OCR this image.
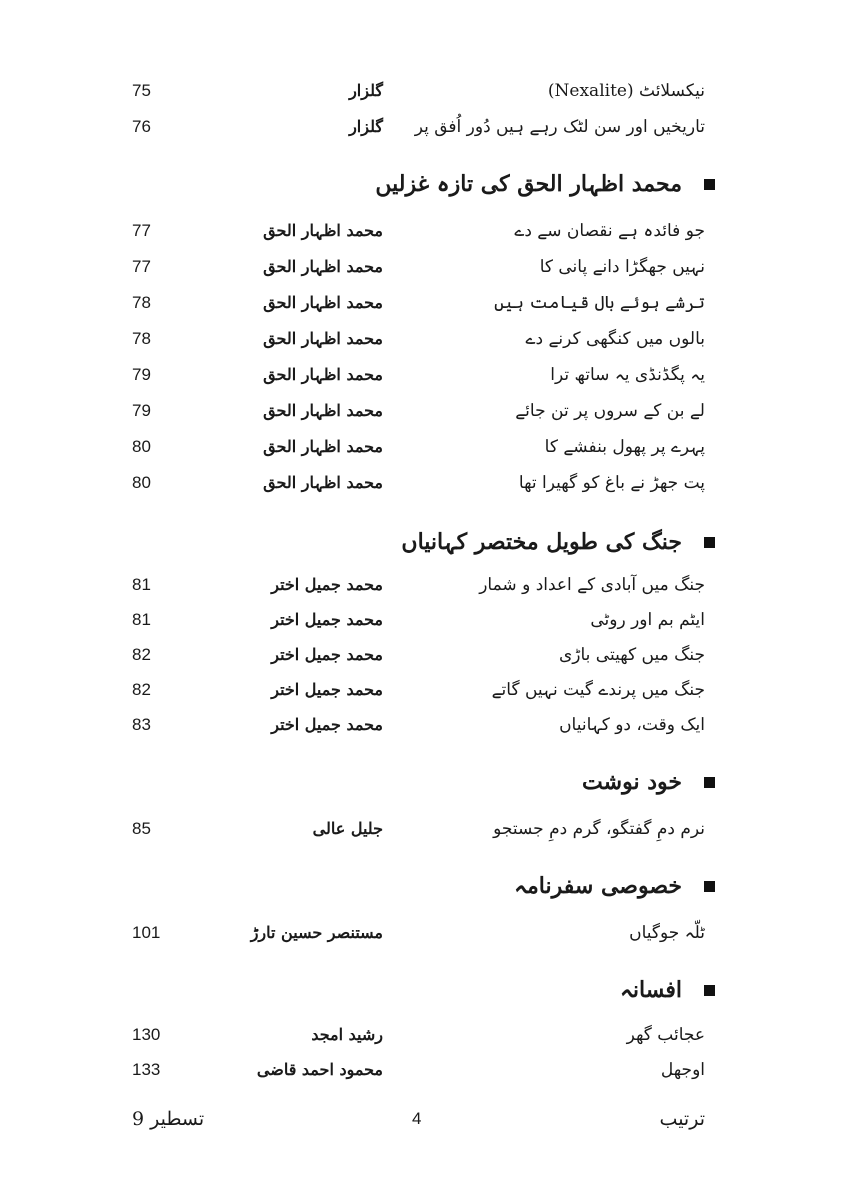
نیکسلائٹ (Nexalite)
گلزار
75
تاریخیں اور سن لٹک رہے ہیں دُور اُفق پر
گلزار
76
محمد اظہار الحق کی تازہ غزلیں
جو فائدہ ہے نقصان سے دے
محمد اظہار الحق
77
نہیں جھگڑا دانے پانی کا
محمد اظہار الحق
77
ترشے ہوئے بال قیامت ہیں
محمد اظہار الحق
78
بالوں میں کنگھی کرنے دے
محمد اظہار الحق
78
یہ پگڈنڈی یہ ساتھ ترا
محمد اظہار الحق
79
لے بن کے سروں پر تن جائے
محمد اظہار الحق
79
پہرے پر پھول بنفشے کا
محمد اظہار الحق
80
پت جھڑ نے باغ کو گھیرا تھا
محمد اظہار الحق
80
جنگ کی طویل مختصر کہانیاں
جنگ میں آبادی کے اعداد و شمار
محمد جمیل اختر
81
ایٹم بم اور روٹی
محمد جمیل اختر
81
جنگ میں کھیتی باڑی
محمد جمیل اختر
82
جنگ میں پرندے گیت نہیں گاتے
محمد جمیل اختر
82
ایک وقت، دو کہانیاں
محمد جمیل اختر
83
خود نوشت
نرم دمِ گفتگو، گرم دمِ جستجو
جلیل عالی
85
خصوصی سفرنامہ
ٹلّہ جوگیاں
مستنصر حسین تارڑ
101
افسانہ
عجائب گھر
رشید امجد
130
اوجھل
محمود احمد قاضی
133
ترتیب
4
تسطیر 9
